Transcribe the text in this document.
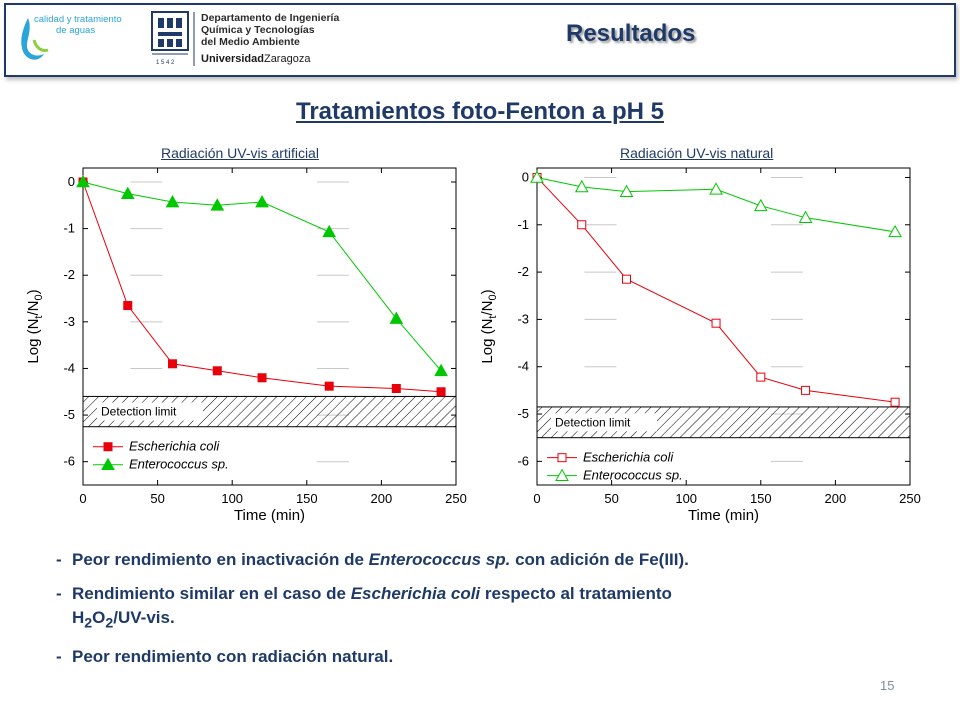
calidad y tratamiento
de aguas
1 5 4 2
Departamento de Ingeniería
Química y Tecnologías
del Medio Ambiente
UniversidadZaragoza
Resultados
Tratamientos foto-Fenton a pH 5
Radiación UV-vis artificial	Radiación UV-vis natural
Detection limit
0
-1
-2
-3
-4
-5
-6
0	50	100	150	200	250
Time (min)
Log $(N_t/N_0)$
Escherichia coli
Enterococcus sp.
Detection limit
0
-1
-2
-3
-4
-5
-6
0	50	100	150	200	250
Time (min)
Log $(N_t/N_0)$
Escherichia coli
Enterococcus sp.
- Peor rendimiento en inactivación de Enterococcus sp. con adición de Fe(III).
- Rendimiento similar en el caso de Escherichia coli respecto al tratamiento
$H_2O_2/UV$-vis.
- Peor rendimiento con radiación natural.
15
